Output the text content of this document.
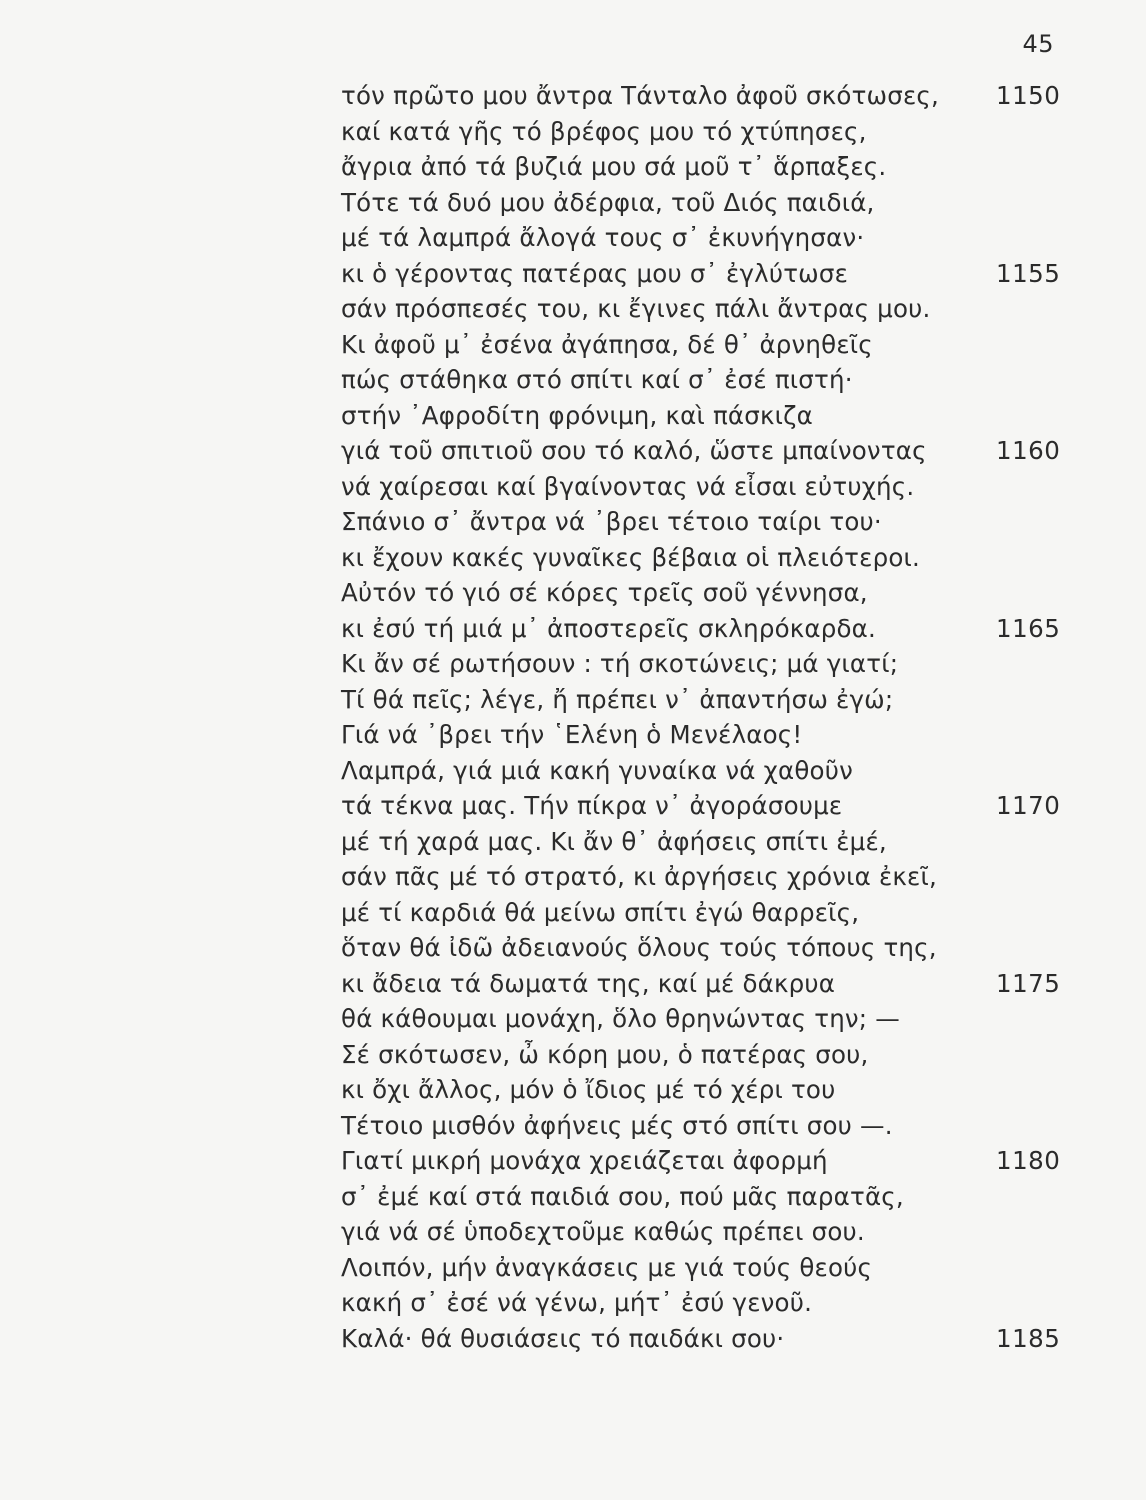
45
τόν πρῶτο μου ἄντρα Τάνταλο ἀφοῦ σκότωσες, 1150
καί κατά γῆς τό βρέφος μου τό χτύπησες,
ἄγρια ἀπό τά βυζιά μου σά μοῦ τ᾽ ἅρπαξες.
Τότε τά δυό μου ἀδέρφια, τοῦ Διός παιδιά,
μέ τά λαμπρά ἄλογά τους σ᾽ ἐκυνήγησαν·
κι ὁ γέροντας πατέρας μου σ᾽ ἐγλύτωσε	1155
σάν πρόσπεσές του, κι ἔγινες πάλι ἄντρας μου.
Κι ἀφοῦ μ᾽ ἐσένα ἀγάπησα, δέ θ᾽ ἀρνηθεῖς
πώς στάθηκα στό σπίτι καί σ᾽ ἐσέ πιστή·
στήν ᾿Αφροδίτη φρόνιμη, καὶ πάσκιζα
γιά τοῦ σπιτιοῦ σου τό καλό, ὥστε μπαίνοντας	1160
νά χαίρεσαι καί βγαίνοντας νά εἶσαι εὐτυχής.
Σπάνιο σ᾽ ἄντρα νά ᾽βρει τέτοιο ταίρι του·
κι ἔχουν κακές γυναῖκες βέβαια οἱ πλειότεροι.
Αὐτόν τό γιό σέ κόρες τρεῖς σοῦ γέννησα,
κι ἐσύ τή μιά μ᾽ ἀποστερεῖς σκληρόκαρδα.	1165
Κι ἄν σέ ρωτήσουν : τή σκοτώνεις; μά γιατί;
Τί θά πεῖς; λέγε, ἤ πρέπει ν᾽ ἀπαντήσω ἐγώ;
Γιά νά ᾽βρει τήν ῾Ελένη ὁ Μενέλαος!
Λαμπρά, γιά μιά κακή γυναίκα νά χαθοῦν
τά τέκνα μας. Τήν πίκρα ν᾽ ἀγοράσουμε	1170
μέ τή χαρά μας. Κι ἄν θ᾽ ἀφήσεις σπίτι ἐμέ,
σάν πᾶς μέ τό στρατό, κι ἀργήσεις χρόνια ἐκεῖ,
μέ τί καρδιά θά μείνω σπίτι ἐγώ θαρρεῖς,
ὅταν θά ἰδῶ ἀδειανούς ὅλους τούς τόπους της,
κι ἄδεια τά δωματά της, καί μέ δάκρυα	1175
θά κάθουμαι μονάχη, ὅλο θρηνώντας την; —
Σέ σκότωσεν, ὦ κόρη μου, ὁ πατέρας σου,
κι ὄχι ἄλλος, μόν ὁ ἴδιος μέ τό χέρι του
Τέτοιο μισθόν ἀφήνεις μές στό σπίτι σου —.
Γιατί μικρή μονάχα χρειάζεται ἀφορμή	1180
σ᾽ ἐμέ καί στά παιδιά σου, πού μᾶς παρατᾶς,
γιά νά σέ ὑποδεχτοῦμε καθώς πρέπει σου.
Λοιπόν, μήν ἀναγκάσεις με γιά τούς θεούς
κακή σ᾽ ἐσέ νά γένω, μήτ᾽ ἐσύ γενοῦ.
Καλά· θά θυσιάσεις τό παιδάκι σου·	1185
